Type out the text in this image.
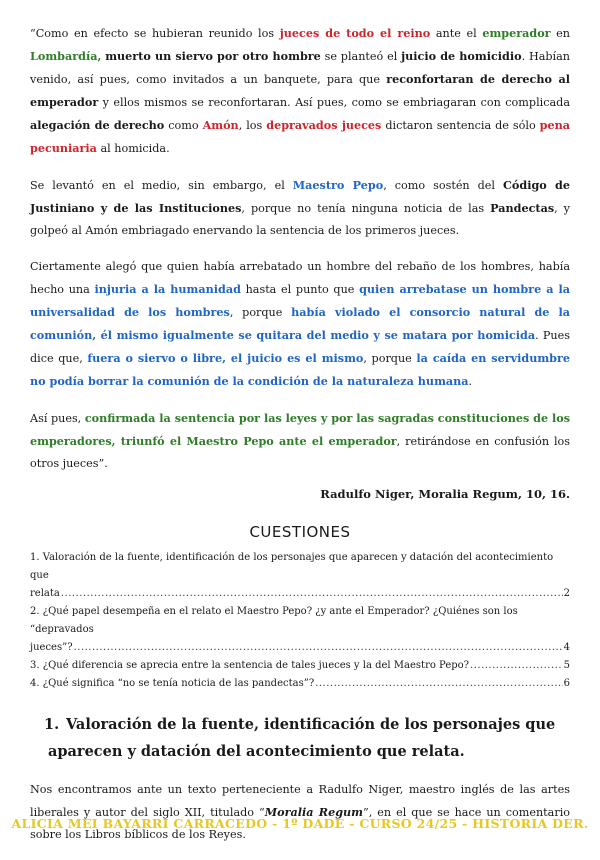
“Como en efecto se hubieran reunido los jueces de todo el reino ante el emperador en Lombardía, muerto un siervo por otro hombre se planteó el juicio de homicidio. Habían venido, así pues, como invitados a un banquete, para que reconfortaran de derecho al emperador y ellos mismos se reconfortaran. Así pues, como se embriagaran con complicada alegación de derecho como Amón, los depravados jueces dictaron sentencia de sólo pena pecuniaria al homicida.

Se levantó en el medio, sin embargo, el Maestro Pepo, como sostén del Código de Justiniano y de las Instituciones, porque no tenía ninguna noticia de las Pandectas, y golpeó al Amón embriagado enervando la sentencia de los primeros jueces.

Ciertamente alegó que quien había arrebatado un hombre del rebaño de los hombres, había hecho una injuria a la humanidad hasta el punto que quien arrebatase un hombre a la universalidad de los hombres, porque había violado el consorcio natural de la comunión, él mismo igualmente se quitara del medio y se matara por homicida. Pues dice que, fuera o siervo o libre, el juicio es el mismo, porque la caída en servidumbre no podía borrar la comunión de la condición de la naturaleza humana.

Así pues, confirmada la sentencia por las leyes y por las sagradas constituciones de los emperadores, triunfó el Maestro Pepo ante el emperador, retirándose en confusión los otros jueces”.

Radulfo Niger, Moralia Regum, 10, 16.
CUESTIONES
1. Valoración de la fuente, identificación de los personajes que aparecen y datación del acontecimiento que
relata .....	2
2. ¿Qué papel desempeña en el relato el Maestro Pepo? ¿y ante el Emperador? ¿Quiénes son los “depravados
jueces”? .....	4
3. ¿Qué diferencia se aprecia entre la sentencia de tales jueces y la del Maestro Pepo? .....	5
4. ¿Qué significa “no se tenía noticia de las pandectas”? .....	6
1. Valoración de la fuente, identificación de los personajes que aparecen y datación del acontecimiento que relata.

Nos encontramos ante un texto perteneciente a Radulfo Niger, maestro inglés de las artes liberales y autor del siglo XII, titulado “Moralia Regum”, en el que se hace un comentario sobre los Libros bíblicos de los Reyes.

ALICIA MEI BAYARRI CARRACEDO - 1º DADE - CURSO 24/25 - HISTORIA DER.
